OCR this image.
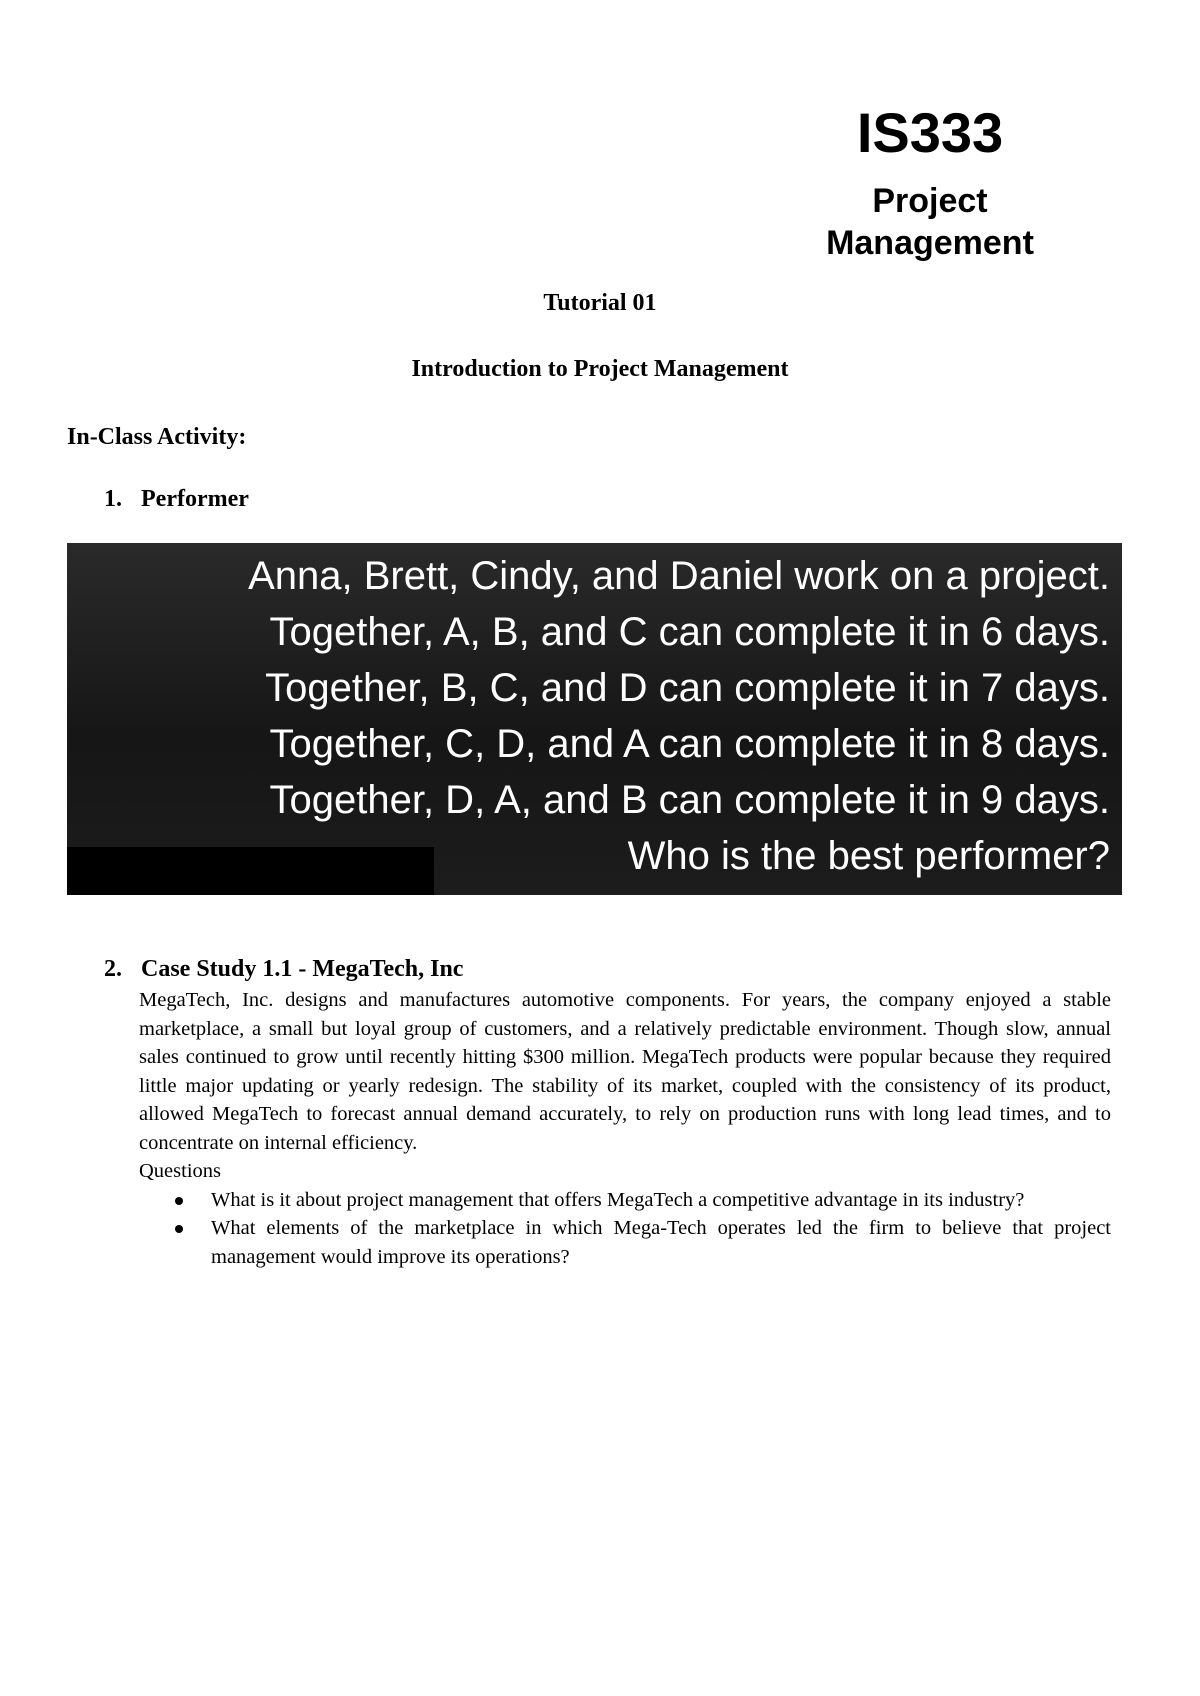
IS333
Project Management
Tutorial 01
Introduction to Project Management
In-Class Activity:
1. Performer
Anna, Brett, Cindy, and Daniel work on a project.
Together, A, B, and C can complete it in 6 days.
Together, B, C, and D can complete it in 7 days.
Together, C, D, and A can complete it in 8 days.
Together, D, A, and B can complete it in 9 days.
Who is the best performer?
2. Case Study 1.1 - MegaTech, Inc

MegaTech, Inc. designs and manufactures automotive components. For years, the company enjoyed a stable marketplace, a small but loyal group of customers, and a relatively predictable environment. Though slow, annual sales continued to grow until recently hitting $300 million. MegaTech products were popular because they required little major updating or yearly redesign. The stability of its market, coupled with the consistency of its product, allowed MegaTech to forecast annual demand accurately, to rely on production runs with long lead times, and to concentrate on internal efficiency.

Questions

What is it about project management that offers MegaTech a competitive advantage in its industry?
What elements of the marketplace in which Mega-Tech operates led the firm to believe that project management would improve its operations?
